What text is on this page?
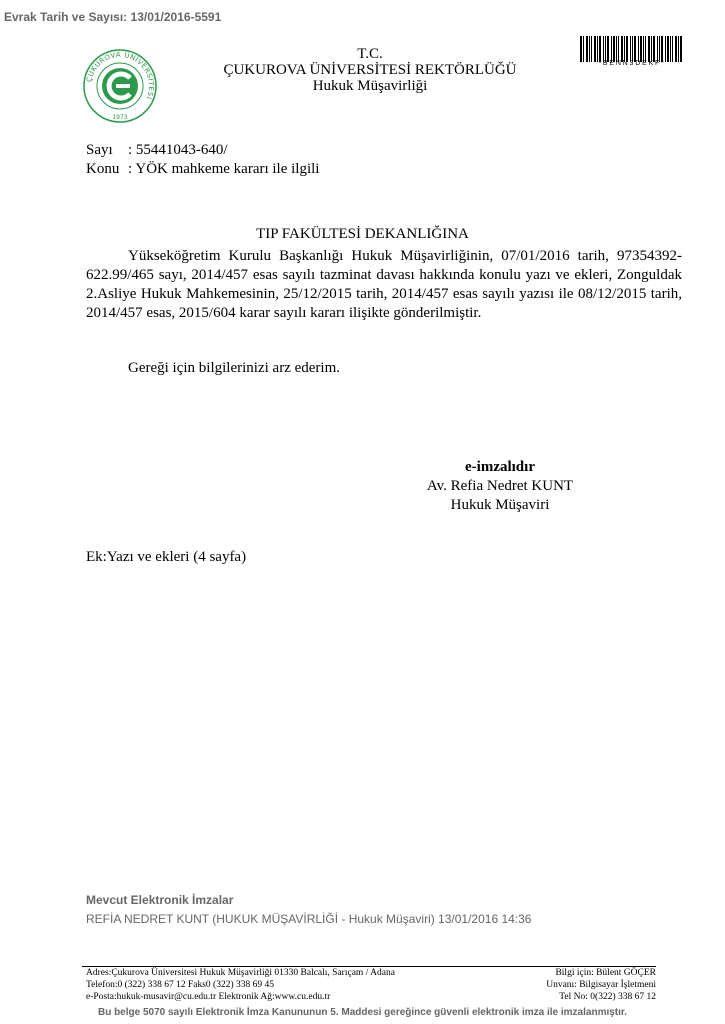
Evrak Tarih ve Sayısı: 13/01/2016-5591
ÇUKUROVA ÜNİVERSİTESİ
1973
T.C.
ÇUKUROVA ÜNİVERSİTESİ REKTÖRLÜĞÜ
Hukuk Müşavirliği
*BENN3DEKF*
Sayı : 55441043-640/
Konu : YÖK mahkeme kararı ile ilgili
TIP FAKÜLTESİ DEKANLIĞINA
Yükseköğretim Kurulu Başkanlığı Hukuk Müşavirliğinin, 07/01/2016 tarih, 97354392-622.99/465 sayı, 2014/457 esas sayılı tazminat davası hakkında konulu yazı ve ekleri, Zonguldak 2.Asliye Hukuk Mahkemesinin, 25/12/2015 tarih, 2014/457 esas sayılı yazısı ile 08/12/2015 tarih, 2014/457 esas, 2015/604 karar sayılı kararı ilişikte gönderilmiştir.
Gereği için bilgilerinizi arz ederim.
e-imzalıdır
Av. Refia Nedret KUNT
Hukuk Müşaviri
Ek:Yazı ve ekleri (4 sayfa)
Mevcut Elektronik İmzalar
REFİA NEDRET KUNT (HUKUK MÜŞAVİRLİĞİ - Hukuk Müşaviri) 13/01/2016 14:36
Adres:Çukurova Üniversitesi Hukuk Müşavirliği 01330 Balcalı, Sarıçam / Adana
Telefon:0 (322) 338 67 12 Faks0 (322) 338 69 45
e-Posta:hukuk-musavir@cu.edu.tr Elektronik Ağ:www.cu.edu.tr
Bilgi için: Bülent GÖÇER
Unvanı: Bilgisayar İşletmeni
Tel No: 0(322) 338 67 12
Bu belge 5070 sayılı Elektronik İmza Kanununun 5. Maddesi gereğince güvenli elektronik imza ile imzalanmıştır.
